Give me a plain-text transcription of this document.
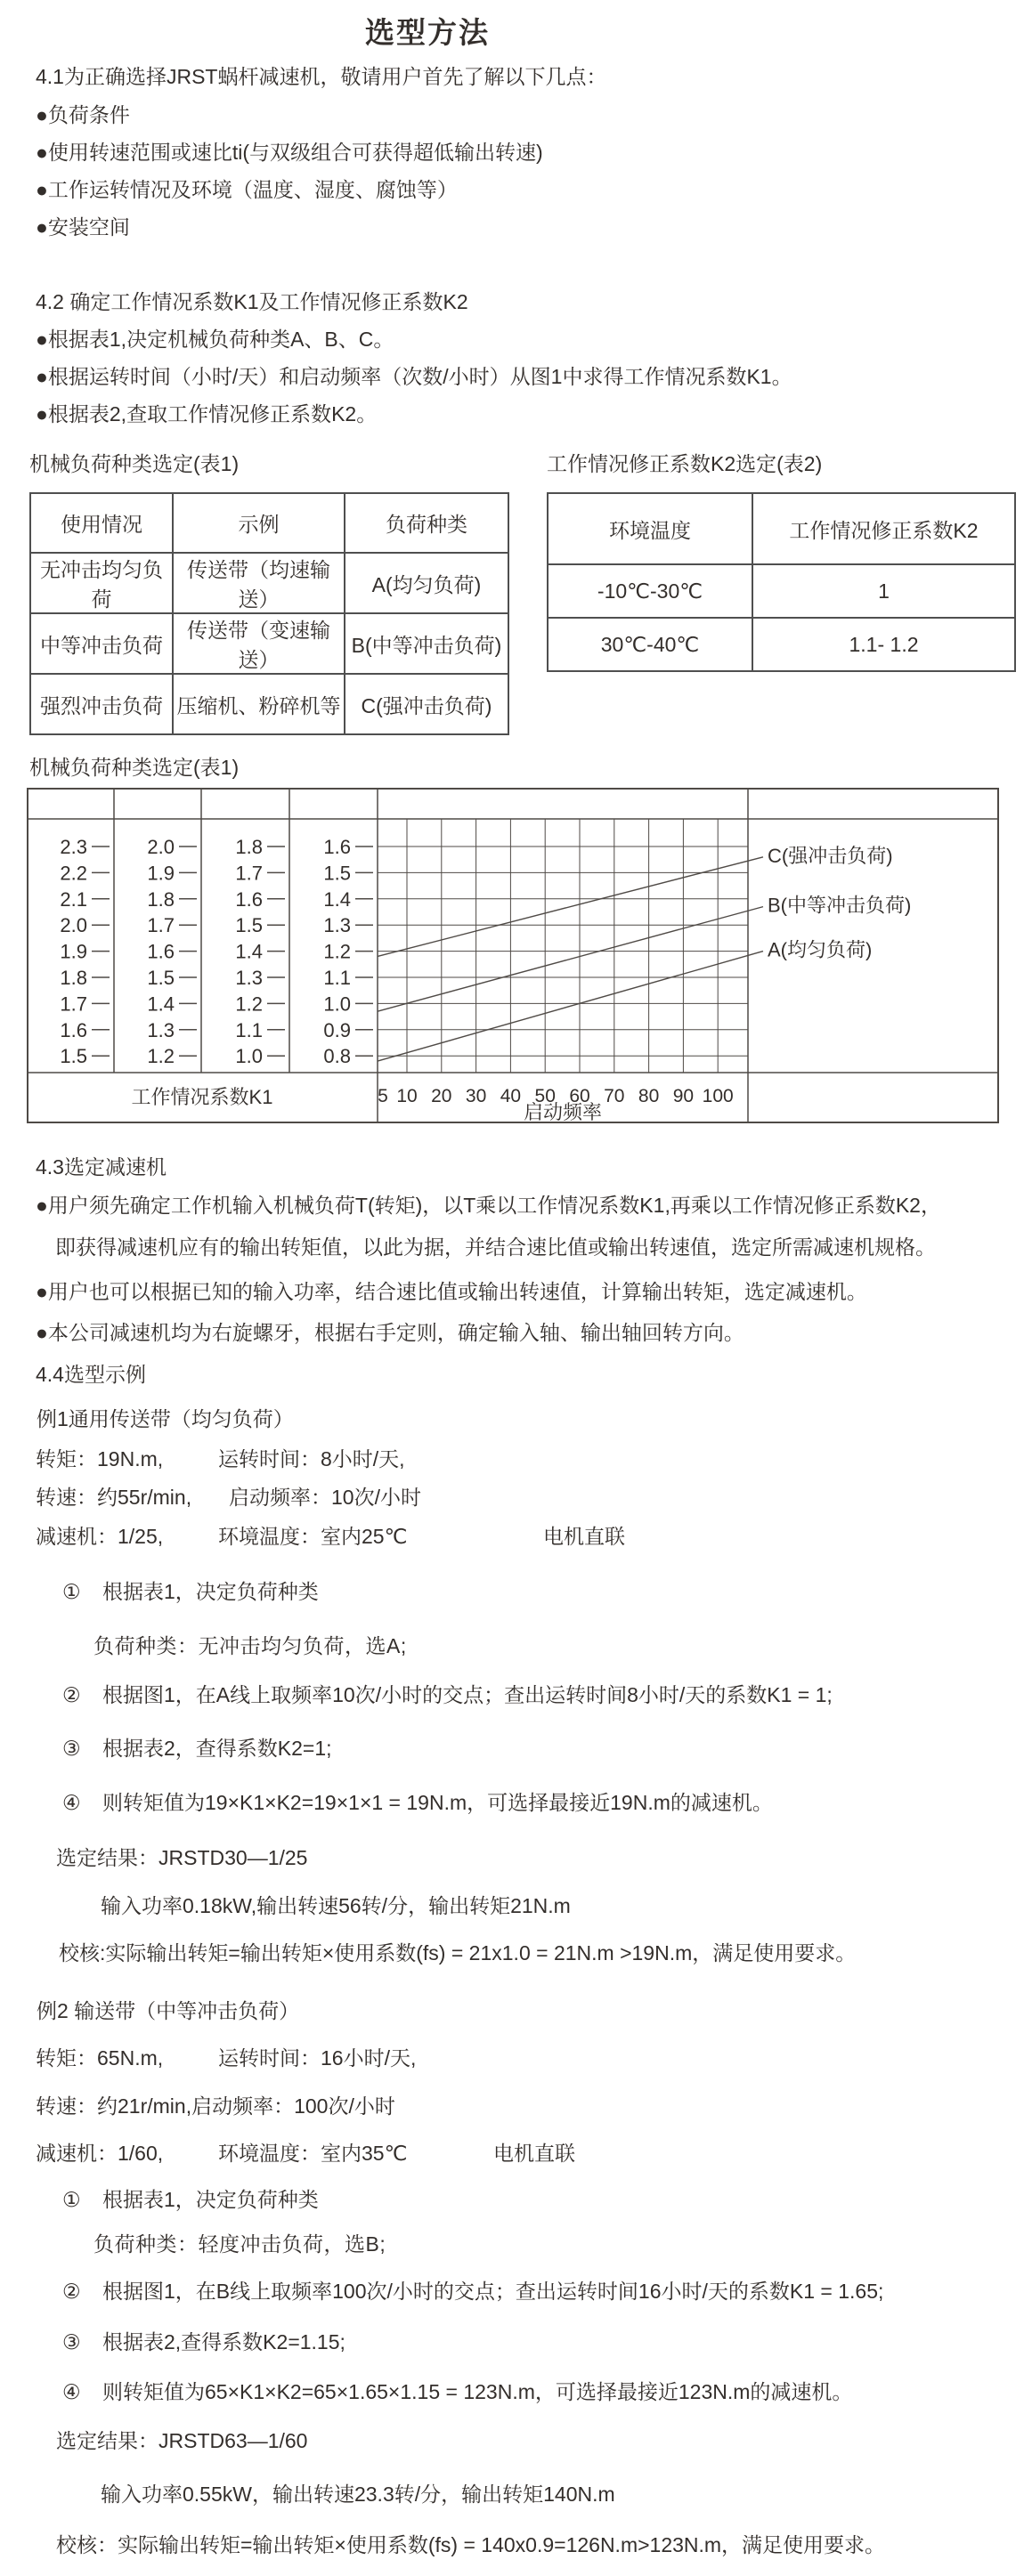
选型方法
4.1为正确选择JRST蜗杆减速机，敬请用户首先了解以下几点：
●负荷条件
●使用转速范围或速比ti(与双级组合可获得超低输出转速)
●工作运转情况及环境（温度、湿度、腐蚀等）
●安装空间
4.2 确定工作情况系数K1及工作情况修正系数K2
●根据表1,决定机械负荷种类A、B、C。
●根据运转时间（小时/天）和启动频率（次数/小时）从图1中求得工作情况系数K1。
●根据表2,查取工作情况修正系数K2。
机械负荷种类选定(表1)
使用情况	示例	负荷种类
无冲击均匀负荷	传送带（均速输送）	A(均匀负荷)
中等冲击负荷	传送带（变速输送）	B(中等冲击负荷)
强烈冲击负荷	压缩机、粉碎机等	C(强冲击负荷)
工作情况修正系数K2选定(表2)
环境温度	工作情况修正系数K2
-10℃-30℃	1
30℃-40℃	1.1- 1.2
机械负荷种类选定(表1)
2.3
2.2
2.1
2.0
1.9
1.8
1.7
1.6
1.5
2.0
1.9
1.8
1.7
1.6
1.5
1.4
1.3
1.2
1.8
1.7
1.6
1.5
1.4
1.3
1.2
1.1
1.0
1.6
1.5
1.4
1.3
1.2
1.1
1.0
0.9
0.8
C(强冲击负荷)
B(中等冲击负荷)
A(均匀负荷)
5 10 20 30 40 50 60 70 80 90 100
启动频率
工作情况系数K1
4.3选定减速机
●用户须先确定工作机输入机械负荷T(转矩)，以T乘以工作情况系数K1,再乘以工作情况修正系数K2，
即获得减速机应有的输出转矩值，以此为据，并结合速比值或输出转速值，选定所需减速机规格。
●用户也可以根据已知的输入功率，结合速比值或输出转速值，计算输出转矩，选定减速机。
●本公司减速机均为右旋螺牙，根据右手定则，确定输入轴、输出轴回转方向。
4.4选型示例
例1通用传送带（均匀负荷）
转矩：19N.m,	运转时间：8小时/天,
转速：约55r/min, 启动频率：10次/小时
减速机：1/25,	环境温度：室内25℃	电机直联
① 根据表1，决定负荷种类
负荷种类：无冲击均匀负荷，选A;
② 根据图1，在A线上取频率10次/小时的交点；查出运转时间8小时/天的系数K1 = 1;
③ 根据表2，查得系数K2=1;
④ 则转矩值为19×K1×K2=19×1×1 = 19N.m，可选择最接近19N.m的减速机。
选定结果：JRSTD30—1/25
输入功率0.18kW,输出转速56转/分，输出转矩21N.m
校核:实际输出转矩=输出转矩×使用系数(fs) = 21x1.0 = 21N.m >19N.m，满足使用要求。
例2 输送带（中等冲击负荷）
转矩：65N.m,	运转时间：16小时/天,
转速：约21r/min,启动频率：100次/小时
减速机：1/60,	环境温度：室内35℃	电机直联
① 根据表1，决定负荷种类
负荷种类：轻度冲击负荷，选B;
② 根据图1，在B线上取频率100次/小时的交点；查出运转时间16小时/天的系数K1 = 1.65;
③ 根据表2,查得系数K2=1.15;
④ 则转矩值为65×K1×K2=65×1.65×1.15 = 123N.m，可选择最接近123N.m的减速机。
选定结果：JRSTD63—1/60
输入功率0.55kW，输出转速23.3转/分，输出转矩140N.m
校核：实际输出转矩=输出转矩×使用系数(fs) = 140x0.9=126N.m>123N.m，满足使用要求。
